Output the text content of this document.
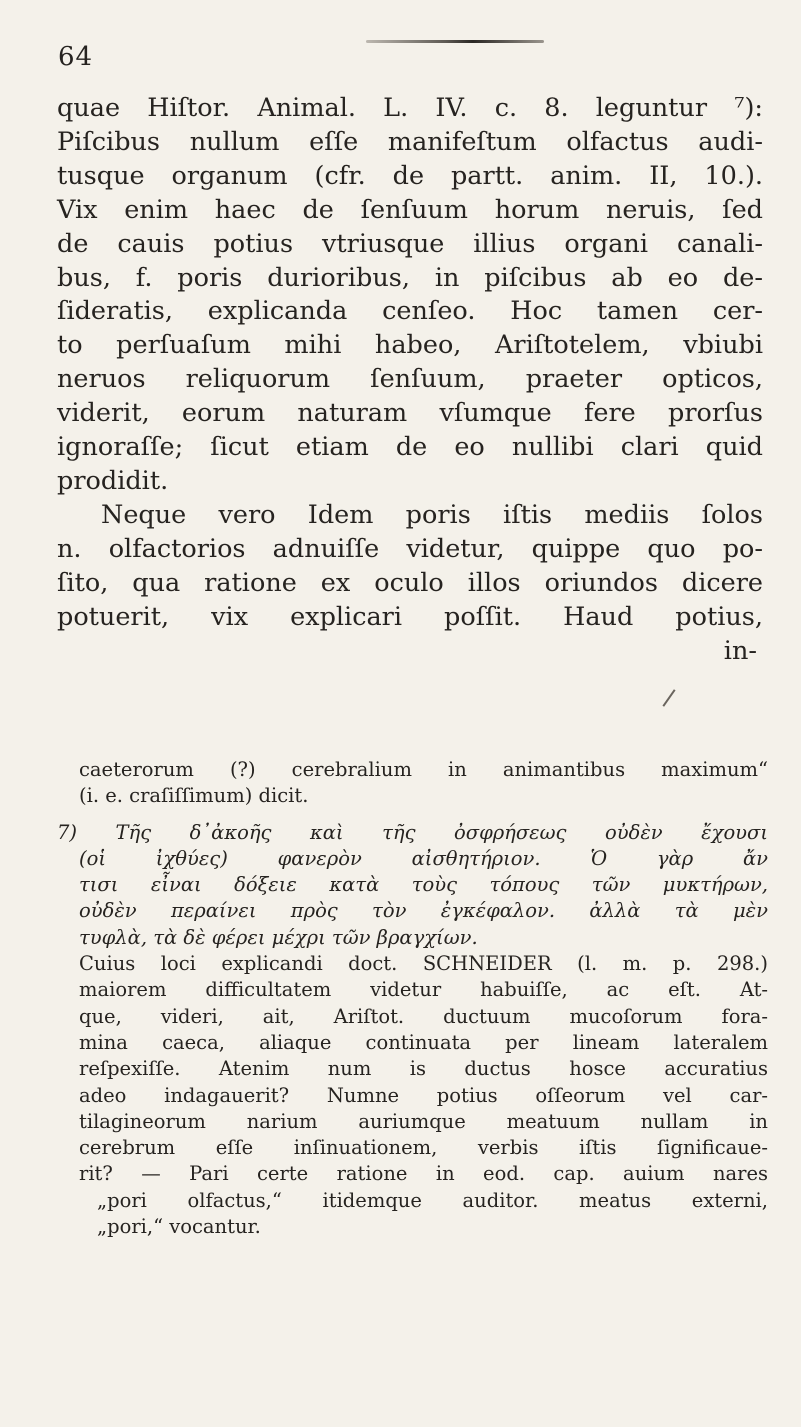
64
quae Hiſtor. Animal. L. IV. c. 8. leguntur ⁷):
Piſcibus nullum eſſe manifeſtum olfactus audi-
tusque organum (cfr. de partt. anim. II, 10.).
Vix enim haec de ſenſuum horum neruis, ſed
de cauis potius vtriusque illius organi canali-
bus, f. poris durioribus, in piſcibus ab eo de-
ſideratis, explicanda cenſeo. Hoc tamen cer-
to perſuaſum mihi habeo, Ariſtotelem, vbiubi
neruos reliquorum ſenſuum, praeter opticos,
viderit, eorum naturam vſumque fere prorſus
ignoraſſe; ſicut etiam de eo nullibi clari quid
prodidit.
Neque vero Idem poris iſtis mediis ſolos
n. olfactorios adnuiſſe videtur, quippe quo po-
ſito, qua ratione ex oculo illos oriundos dicere
potuerit, vix explicari poſſit. Haud potius,
in-
caeterorum (?) cerebralium in animantibus maximum“
(i. e. craſiſſimum) dicit.
7) Τῆς δ᾽ἀκοῆς καὶ τῆς ὀσφρήσεως οὐδὲν ἔχουσι
(οἱ ἰχθύες) φανερὸν αἰσθητήριον. Ὁ γὰρ ἄν
τισι εἶναι δόξειε κατὰ τοὺς τόπους τῶν μυκτήρων,
οὐδὲν περαίνει πρὸς τὸν ἐγκέφαλον. ἀλλὰ τὰ μὲν
τυφλὰ, τὰ δὲ φέρει μέχρι τῶν βραγχίων.
Cuius loci explicandi doct. SCHNEIDER (l. m. p. 298.)
maiorem difficultatem videtur habuiſſe, ac eſt. At-
que, videri, ait, Ariſtot. ductuum mucoſorum fora-
mina caeca, aliaque continuata per lineam lateralem
reſpexiſſe. Atenim num is ductus hosce accuratius
adeo indagauerit? Numne potius oſſeorum vel car-
tilagineorum narium auriumque meatuum nullam in
cerebrum eſſe inſinuationem, verbis iſtis ſignificaue-
rit? — Pari certe ratione in eod. cap. auium nares
„pori olfactus,“ itidemque auditor. meatus externi,
„pori,“ vocantur.
